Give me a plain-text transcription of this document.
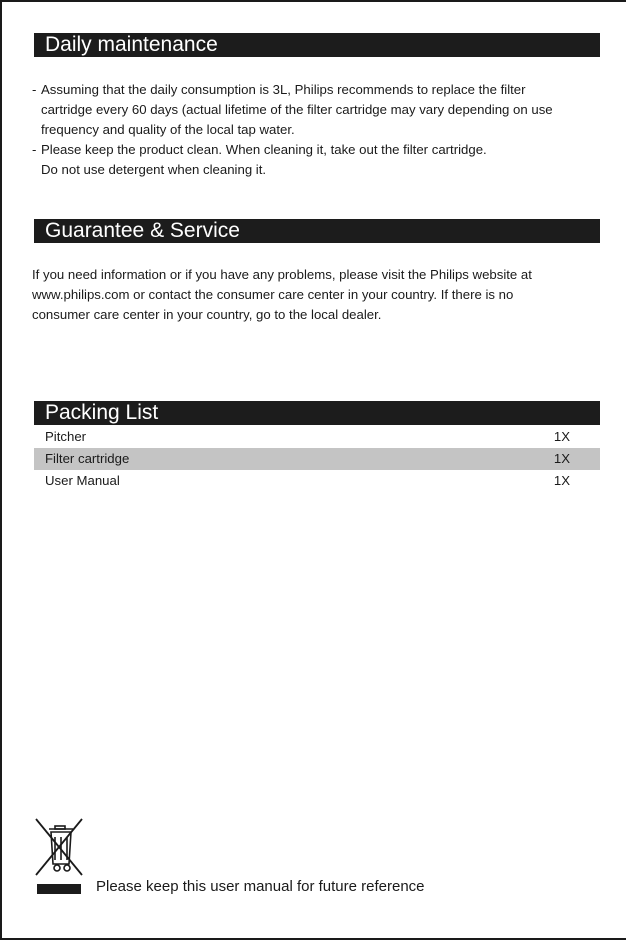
Daily maintenance
- Assuming that the daily consumption is 3L, Philips recommends to replace the filter
cartridge every 60 days (actual lifetime of the filter cartridge may vary depending on use
frequency and quality of the local tap water.
- Please keep the product clean. When cleaning it, take out the filter cartridge.
Do not use detergent when cleaning it.
Guarantee & Service
If you need information or if you have any problems, please visit the Philips website at
www.philips.com or contact the consumer care center in your country. If there is no
consumer care center in your country, go to the local dealer.
Packing List
Pitcher	1X
Filter cartridge	1X
User Manual	1X
Please keep this user manual for future reference
